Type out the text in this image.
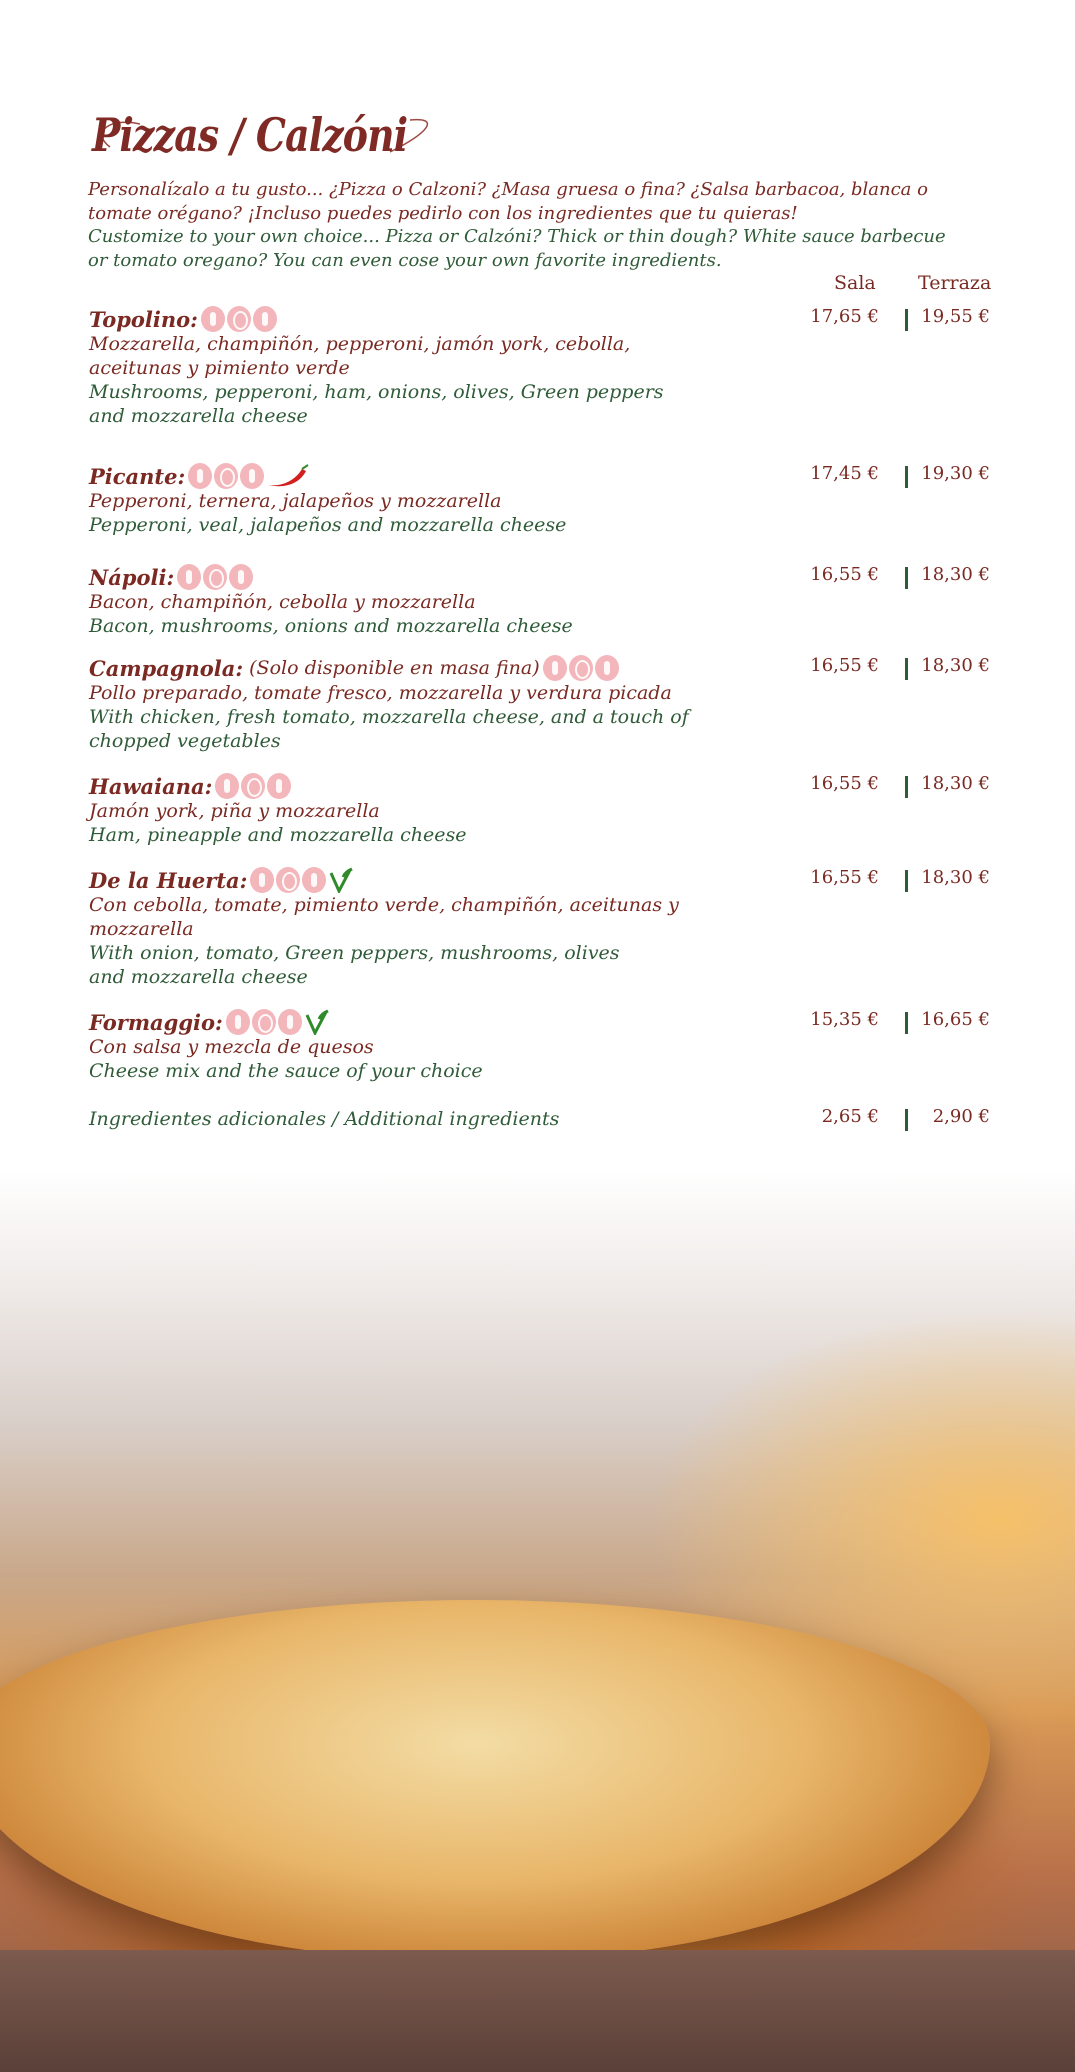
Pizzas / Calzóni
Personalízalo a tu gusto... ¿Pizza o Calzoni? ¿Masa gruesa o fina? ¿Salsa barbacoa, blanca o tomate orégano? ¡Incluso puedes pedirlo con los ingredientes que tu quieras!
Customize to your own choice... Pizza or Calzóni? Thick or thin dough? White sauce barbecue or tomato oregano? You can even cose your own favorite ingredients.
Sala Terraza
Topolino:
Mozzarella, champiñón, pepperoni, jamón york, cebolla, aceitunas y pimiento verde
Mushrooms, pepperoni, ham, onions, olives, Green peppers and mozzarella cheese
17,65 €	19,55 €
Picante:
Pepperoni, ternera, jalapeños y mozzarella
Pepperoni, veal, jalapeños and mozzarella cheese
17,45 €	19,30 €
Nápoli:
Bacon, champiñón, cebolla y mozzarella
Bacon, mushrooms, onions and mozzarella cheese
16,55 €	18,30 €
Campagnola: (Solo disponible en masa fina)
Pollo preparado, tomate fresco, mozzarella y verdura picada
With chicken, fresh tomato, mozzarella cheese, and a touch of chopped vegetables
16,55 €	18,30 €
Hawaiana:
Jamón york, piña y mozzarella
Ham, pineapple and mozzarella cheese
16,55 €	18,30 €
De la Huerta:
Con cebolla, tomate, pimiento verde, champiñón, aceitunas y mozzarella
With onion, tomato, Green peppers, mushrooms, olives and mozzarella cheese
16,55 €	18,30 €
Formaggio:
Con salsa y mezcla de quesos
Cheese mix and the sauce of your choice
15,35 €	16,65 €
Ingredientes adicionales / Additional ingredients	2,65 €	2,90 €
